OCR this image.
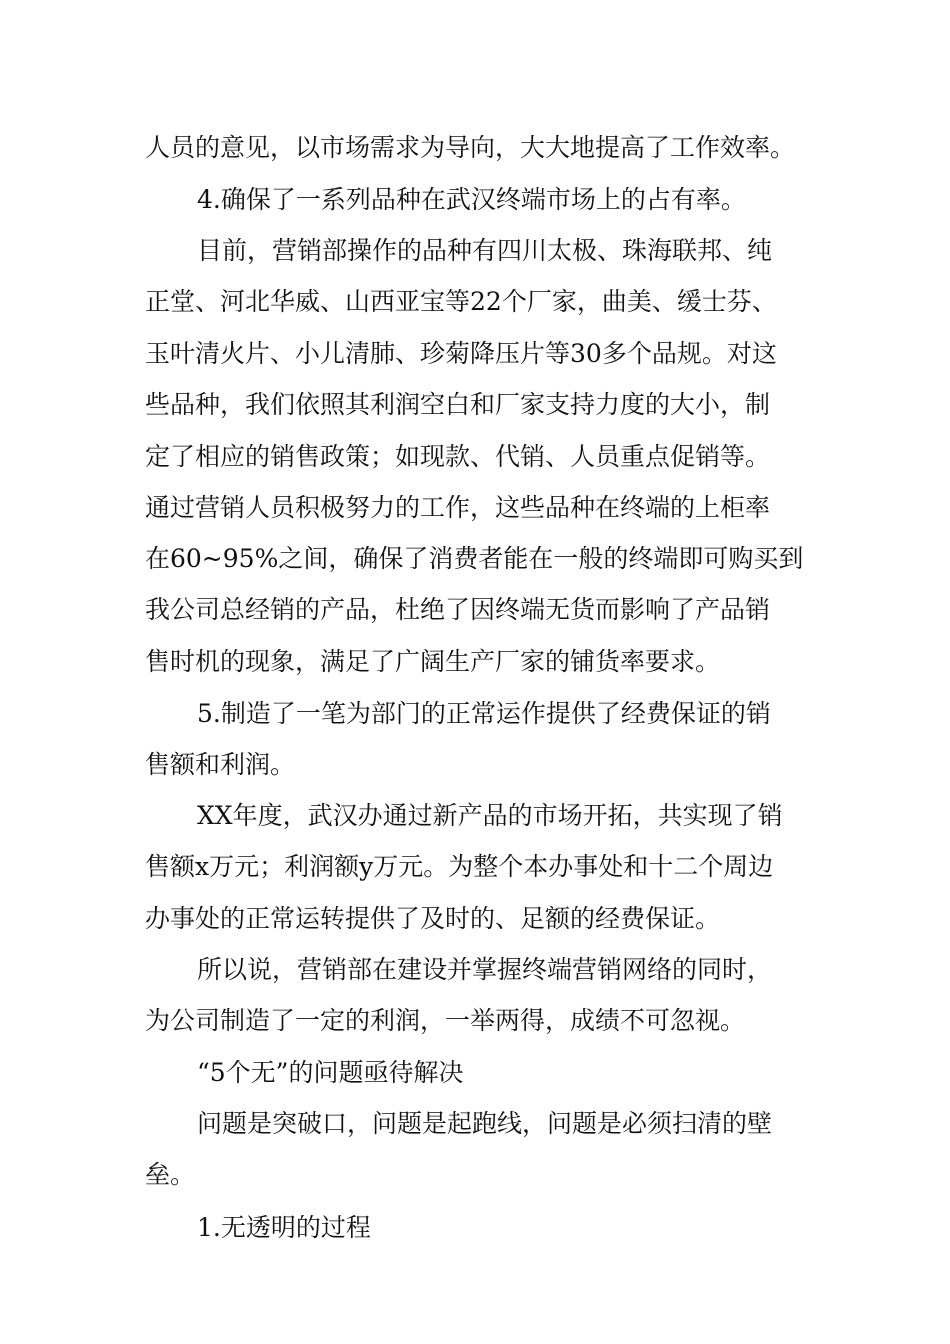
人员的意见，以市场需求为导向，大大地提高了工作效率。
4.确保了一系列品种在武汉终端市场上的占有率。
目前，营销部操作的品种有四川太极、珠海联邦、纯
正堂、河北华威、山西亚宝等22个厂家，曲美、缓士芬、
玉叶清火片、小儿清肺、珍菊降压片等30多个品规。对这
些品种，我们依照其利润空白和厂家支持力度的大小，制
定了相应的销售政策；如现款、代销、人员重点促销等。
通过营销人员积极努力的工作，这些品种在终端的上柜率
在60~95%之间，确保了消费者能在一般的终端即可购买到
我公司总经销的产品，杜绝了因终端无货而影响了产品销
售时机的现象，满足了广阔生产厂家的铺货率要求。
5.制造了一笔为部门的正常运作提供了经费保证的销
售额和利润。
XX年度，武汉办通过新产品的市场开拓，共实现了销
售额x万元；利润额y万元。为整个本办事处和十二个周边
办事处的正常运转提供了及时的、足额的经费保证。
所以说，营销部在建设并掌握终端营销网络的同时，
为公司制造了一定的利润，一举两得，成绩不可忽视。
“5个无”的问题亟待解决
问题是突破口，问题是起跑线，问题是必须扫清的壁
垒。
1.无透明的过程
